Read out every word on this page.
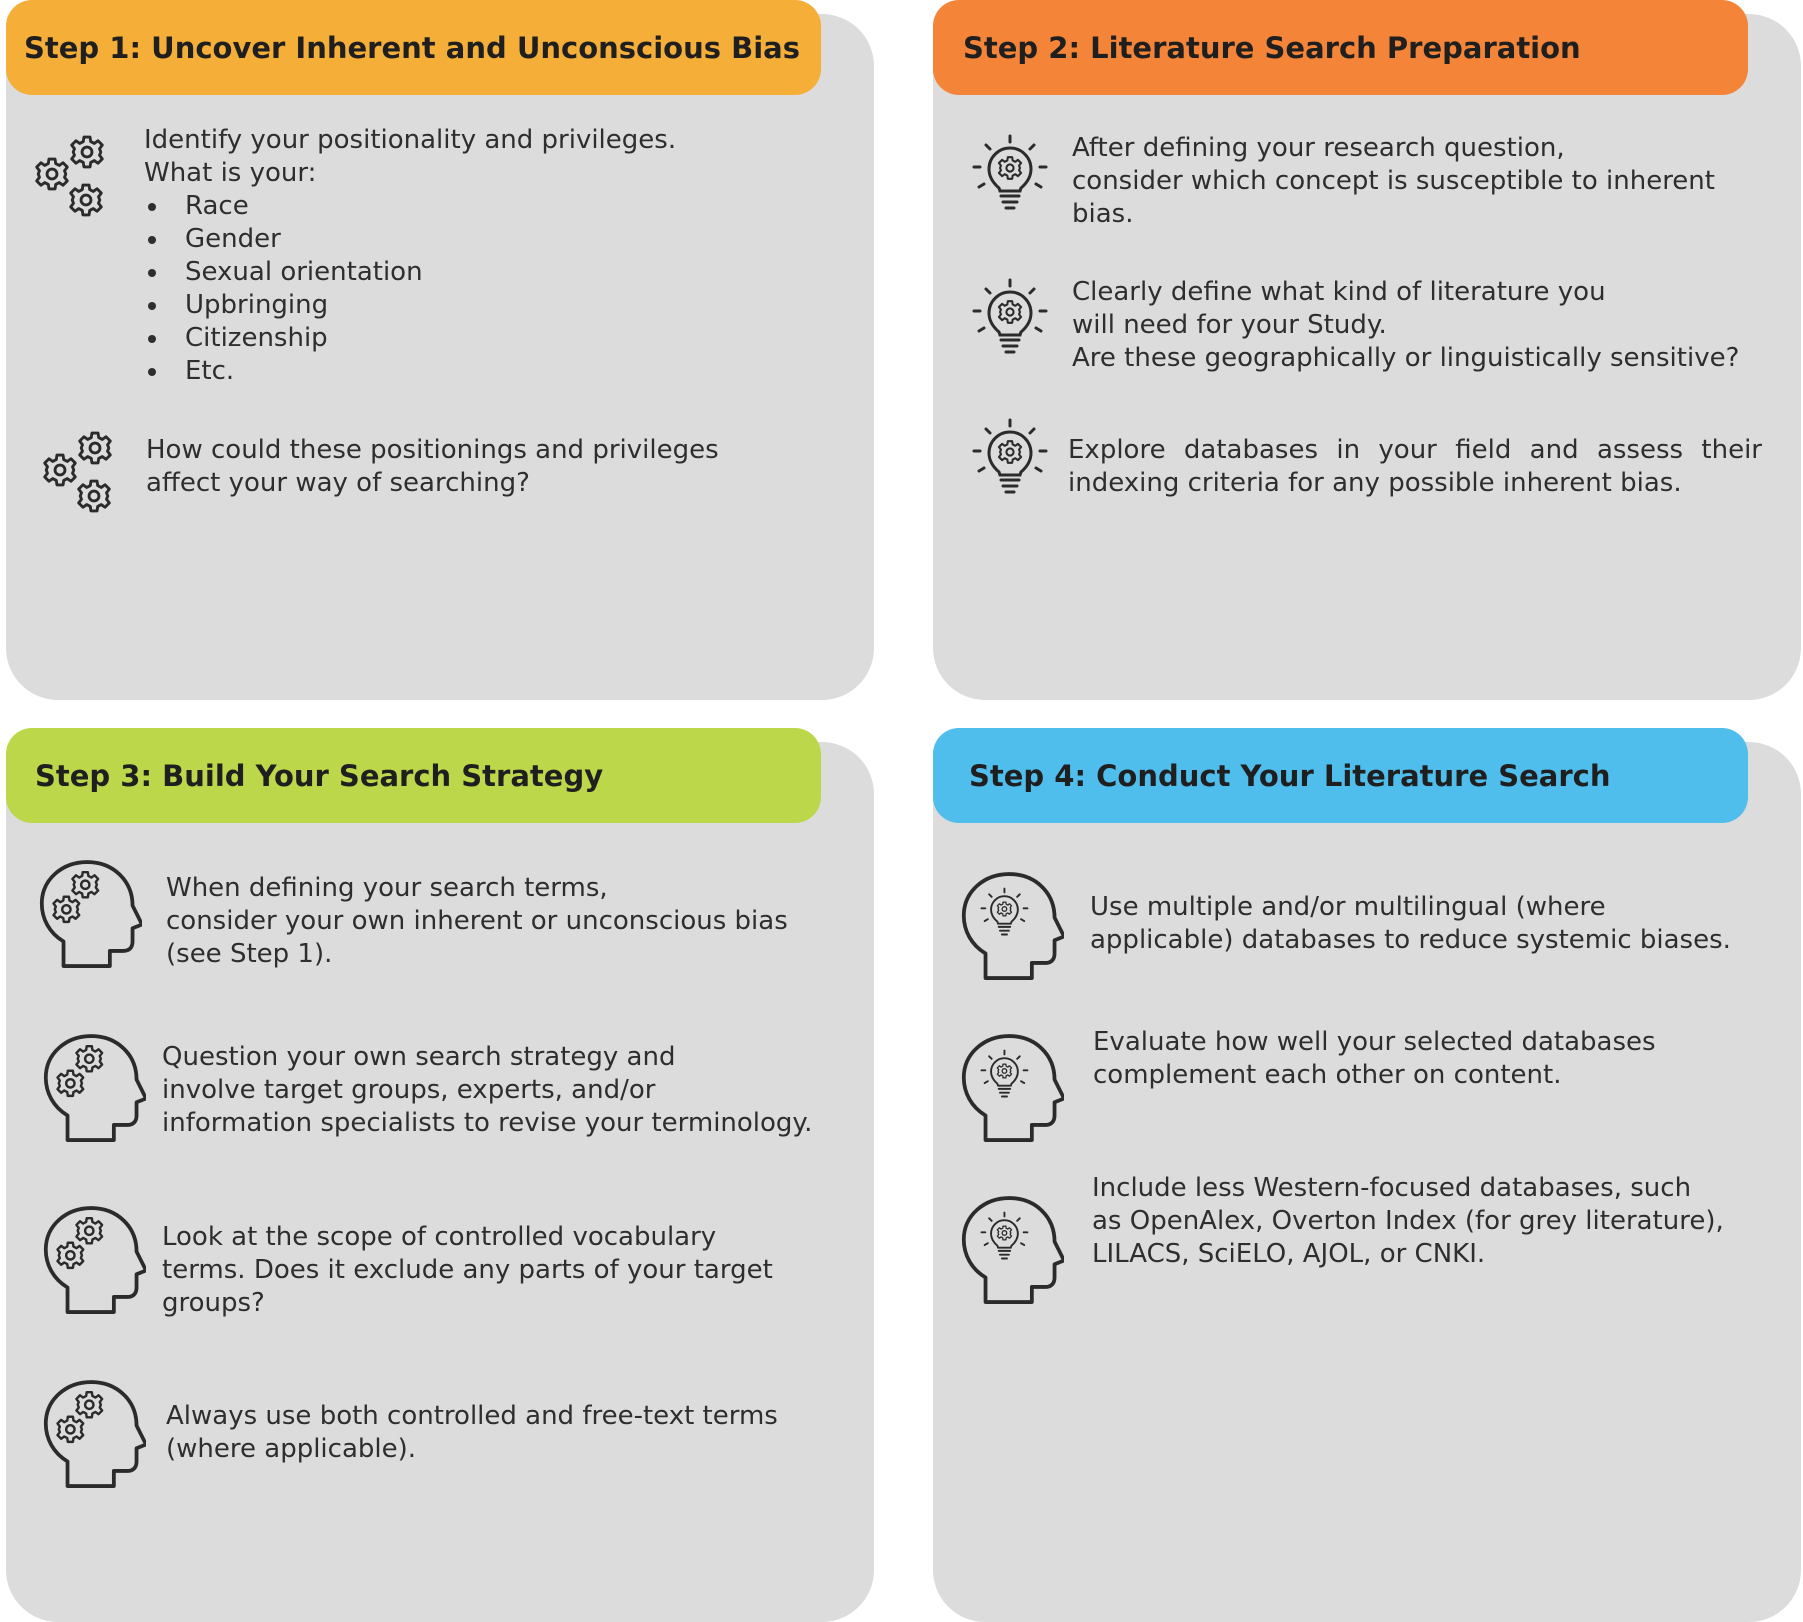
Step 1: Uncover Inherent and Unconscious Bias

Identify your positionality and privileges.

What is your:

Race
Gender
Sexual orientation
Upbringing
Citizenship
Etc.

How could these positionings and privileges

affect your way of searching?

Step 2: Literature Search Preparation

After defining your research question,

consider which concept is susceptible to inherent

bias.

Clearly define what kind of literature you

will need for your Study.

Are these geographically or linguistically sensitive?

Explore databases in your field and assess their

indexing criteria for any possible inherent bias.

Step 3: Build Your Search Strategy

When defining your search terms,

consider your own inherent or unconscious bias

(see Step 1).

Question your own search strategy and

involve target groups, experts, and/or

information specialists to revise your terminology.

Look at the scope of controlled vocabulary

terms. Does it exclude any parts of your target

groups?

Always use both controlled and free-text terms

(where applicable).

Step 4: Conduct Your Literature Search

Use multiple and/or multilingual (where

applicable) databases to reduce systemic biases.

Evaluate how well your selected databases

complement each other on content.

Include less Western-focused databases, such

as OpenAlex, Overton Index (for grey literature),

LILACS, SciELO, AJOL, or CNKI.
